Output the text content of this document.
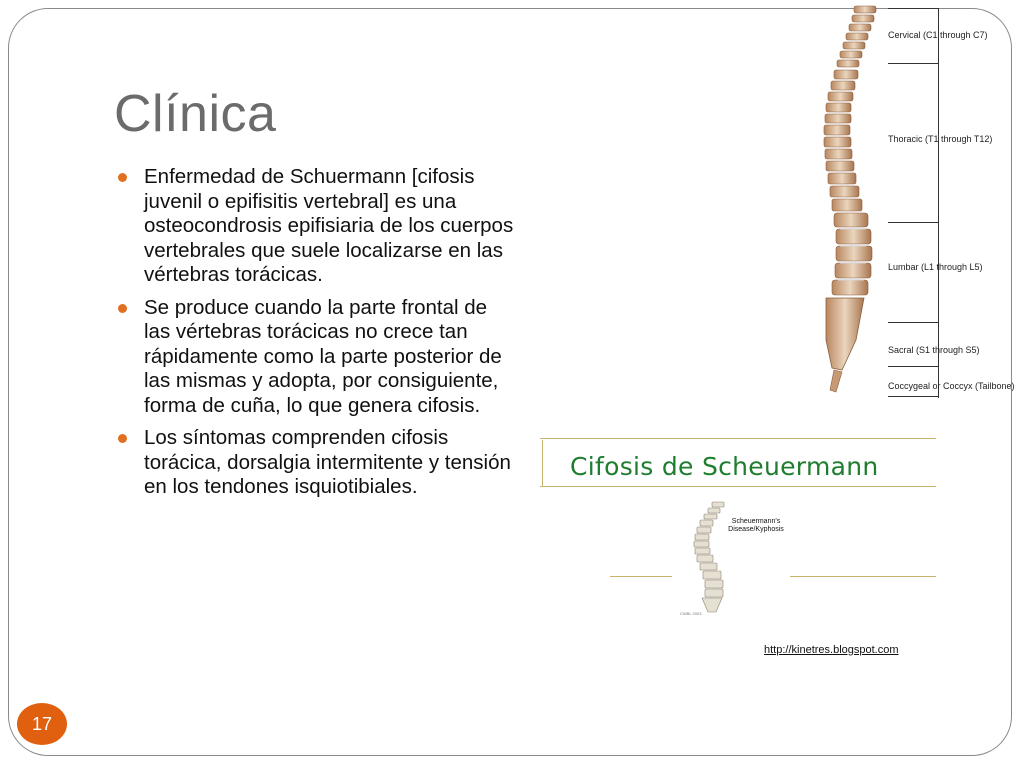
Clínica
Enfermedad de Schuermann [cifosis juvenil o epifisitis vertebral] es una osteocondrosis epifisiaria de los cuerpos vertebrales que suele localizarse en las vértebras torácicas.
Se produce cuando la parte frontal de las vértebras torácicas no crece tan rápidamente como la parte posterior de las mismas y adopta, por consiguiente, forma de cuña, lo que genera cifosis.
Los síntomas comprenden cifosis torácica, dorsalgia intermitente y tensión en los tendones isquiotibiales.
Cervical (C1 through C7)
Thoracic (T1 through T12)
Lumbar (L1 through L5)
Sacral (S1 through S5)
Coccygeal or Coccyx (Tailbone)
Cifosis de Scheuermann
Scheuermann's
Disease/Kyphosis
CWBL 2003
http://kinetres.blogspot.com
17
